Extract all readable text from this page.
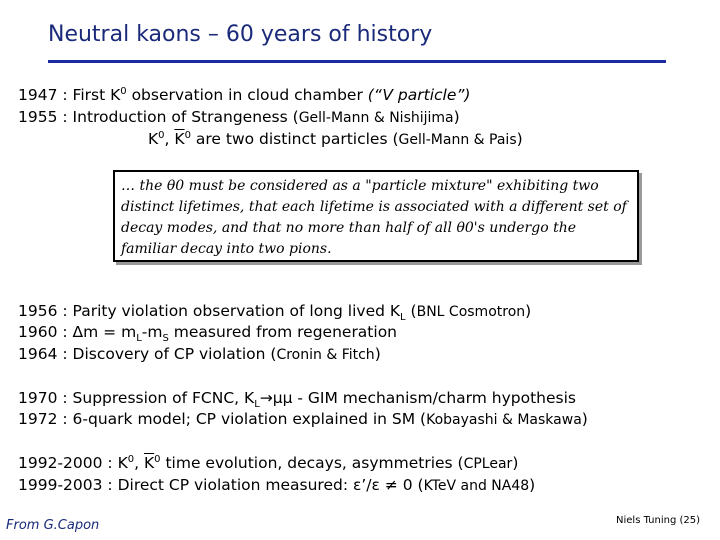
Neutral kaons – 60 years of history
1947 : First $K^0$ observation in cloud chamber (“V particle”)
1955 : Introduction of Strangeness (Gell-Mann & Nishijima)
$K^0$, $\overline{K}^0$ are two distinct particles (Gell-Mann & Pais)
… the θ0 must be considered as a "particle mixture" exhibiting two distinct lifetimes, that each lifetime is associated with a different set of decay modes, and that no more than half of all θ0's undergo the familiar decay into two pions.
1956 : Parity violation observation of long lived $K_L$ (BNL Cosmotron)
1960 : $\Delta m = m_L-m_S$ measured from regeneration
1964 : Discovery of CP violation (Cronin & Fitch)
1970 : Suppression of FCNC, $K_L\to\mu\mu$ - GIM mechanism/charm hypothesis
1972 : 6-quark model; CP violation explained in SM (Kobayashi & Maskawa)
1992-2000 : $K^0$, $\overline{K}^0$ time evolution, decays, asymmetries (CPLear)
1999-2003 : Direct CP violation measured: ε’/ε ≠ 0 (KTeV and NA48)
From G.Capon	Niels Tuning (25)
